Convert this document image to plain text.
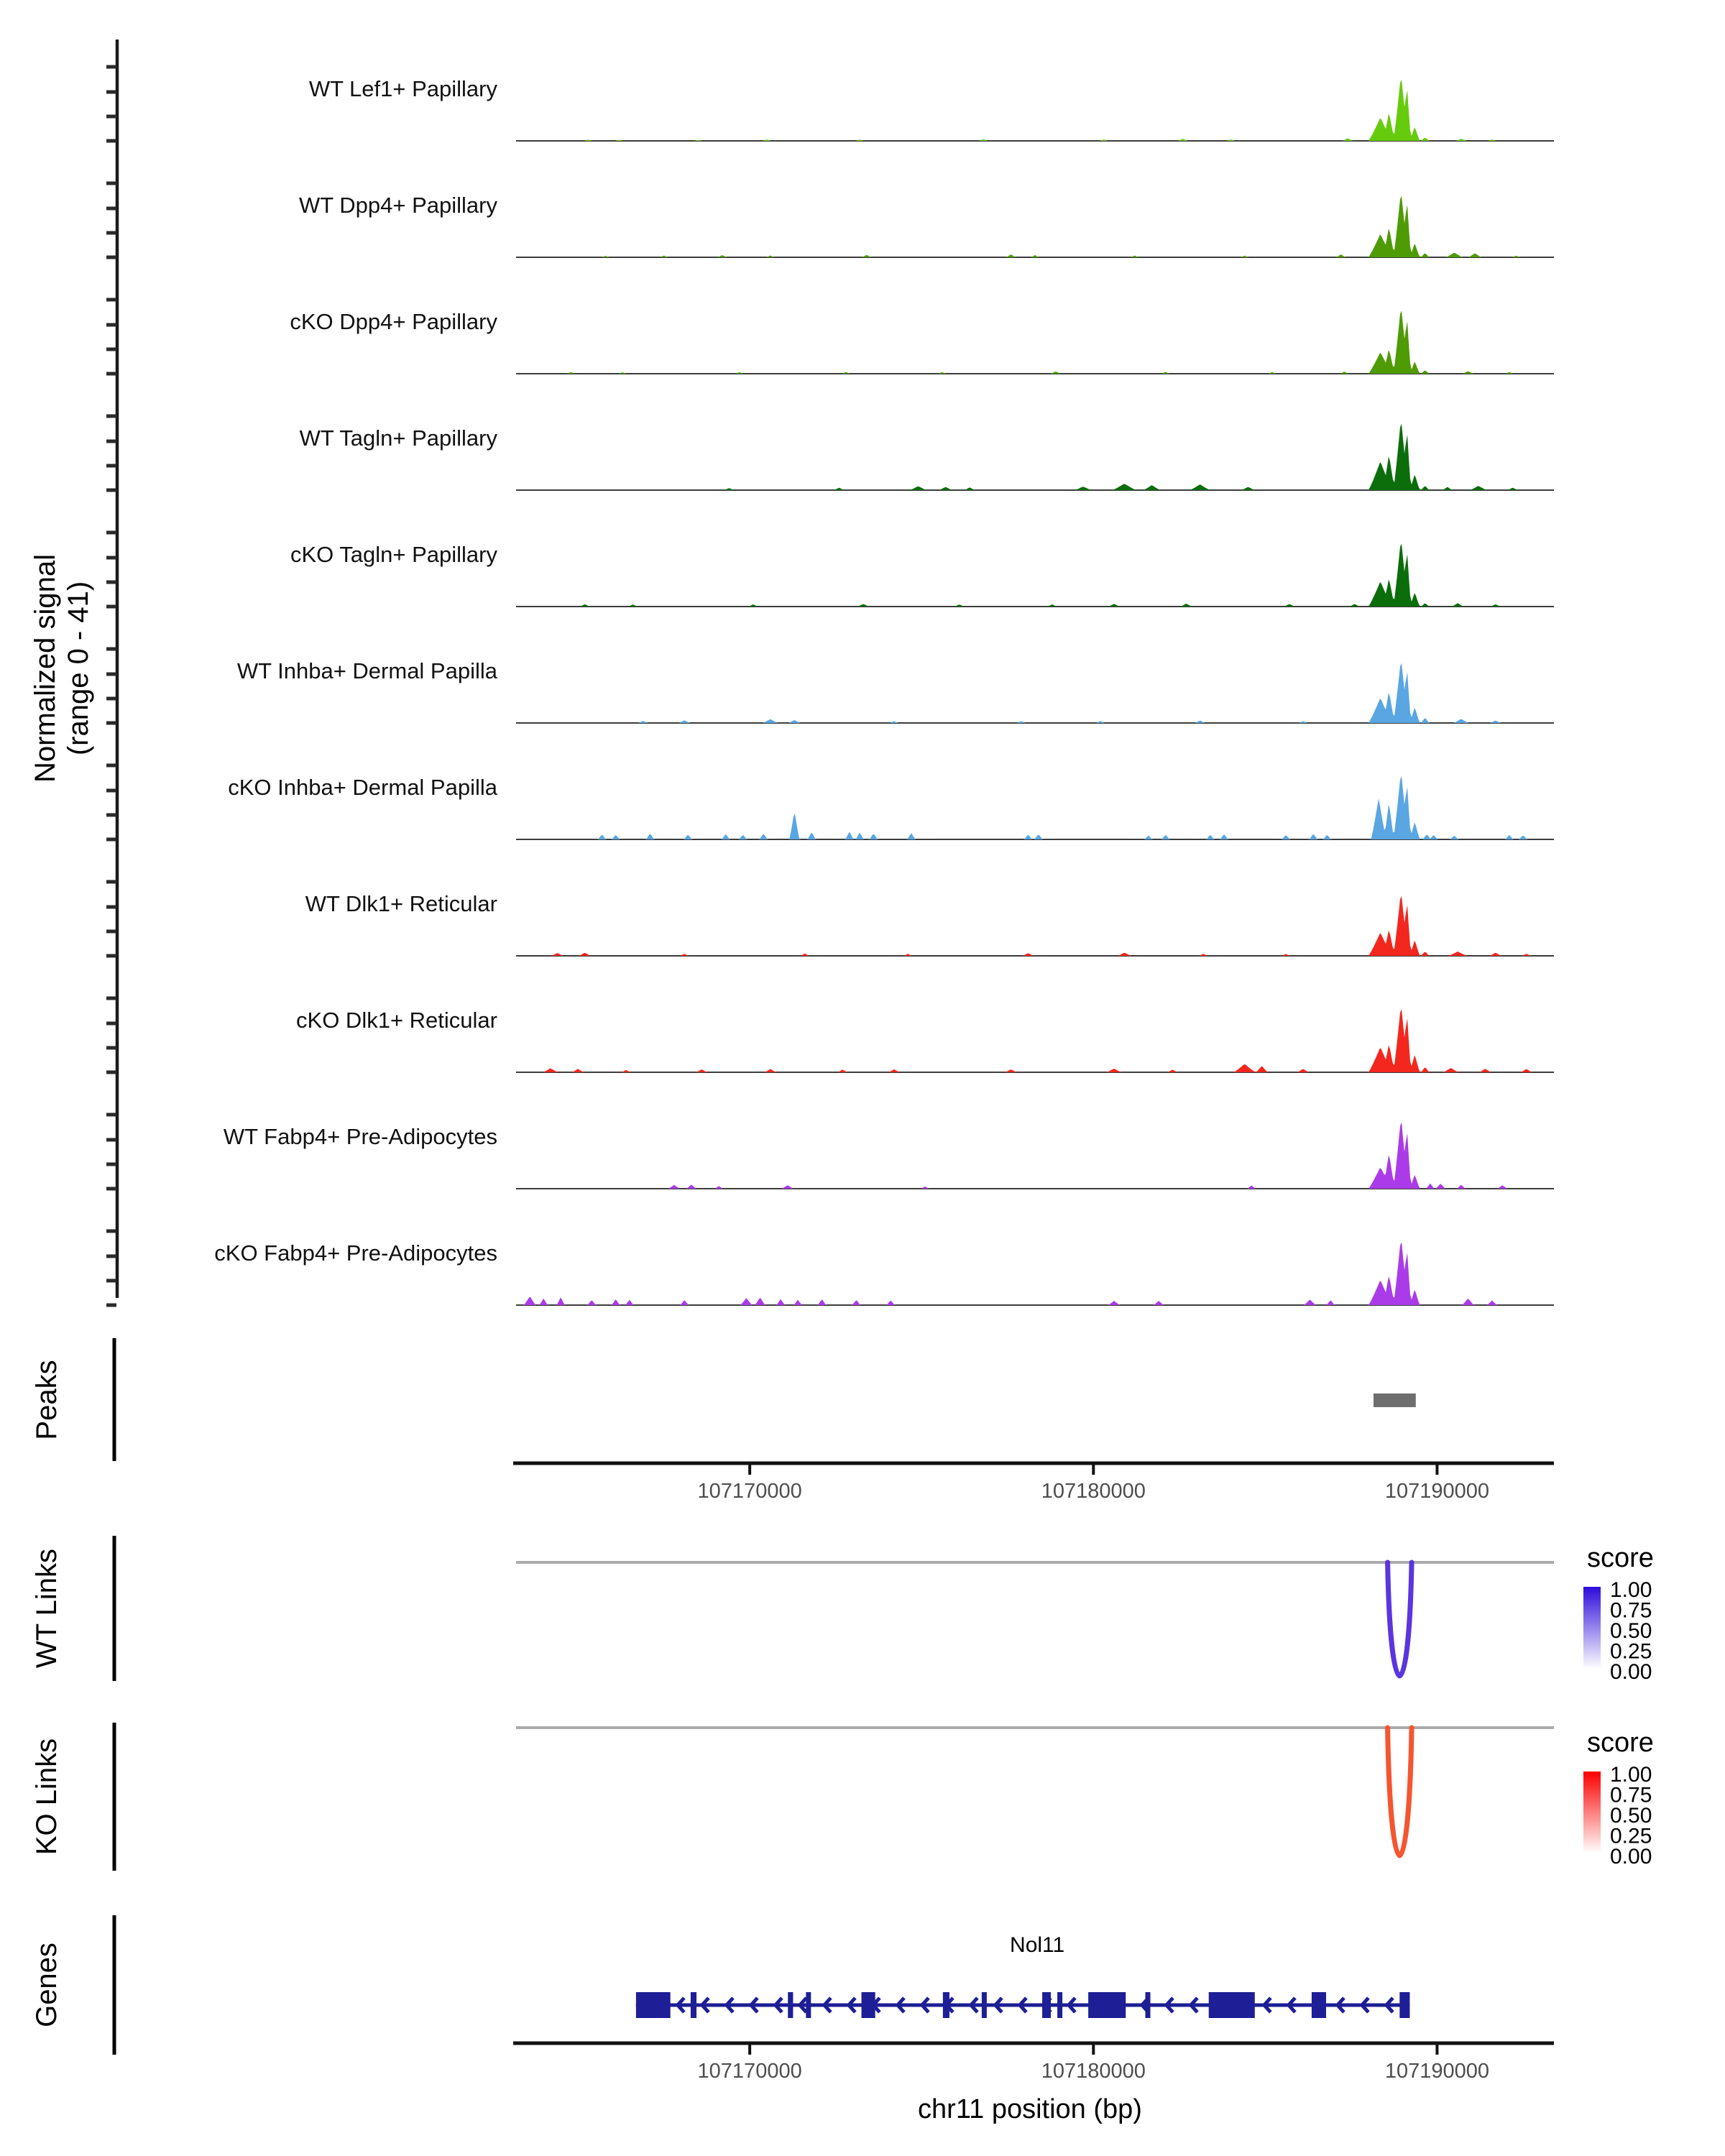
Normalized signal (range 0 - 41)
Peaks
WT Links
KO Links
Genes
chr11 position (bp)
WT Lef1+ Papillary
WT Dpp4+ Papillary
cKO Dpp4+ Papillary
WT Tagln+ Papillary
cKO Tagln+ Papillary
WT Inhba+ Dermal Papilla
cKO Inhba+ Dermal Papilla
WT Dlk1+ Reticular
cKO Dlk1+ Reticular
WT Fabp4+ Pre-Adipocytes
cKO Fabp4+ Pre-Adipocytes
107170000	107180000	107190000
107170000	107180000	107190000
score
1.00
0.75
0.50
0.25
0.00
score
1.00
0.75
0.50
0.25
0.00
Nol11
